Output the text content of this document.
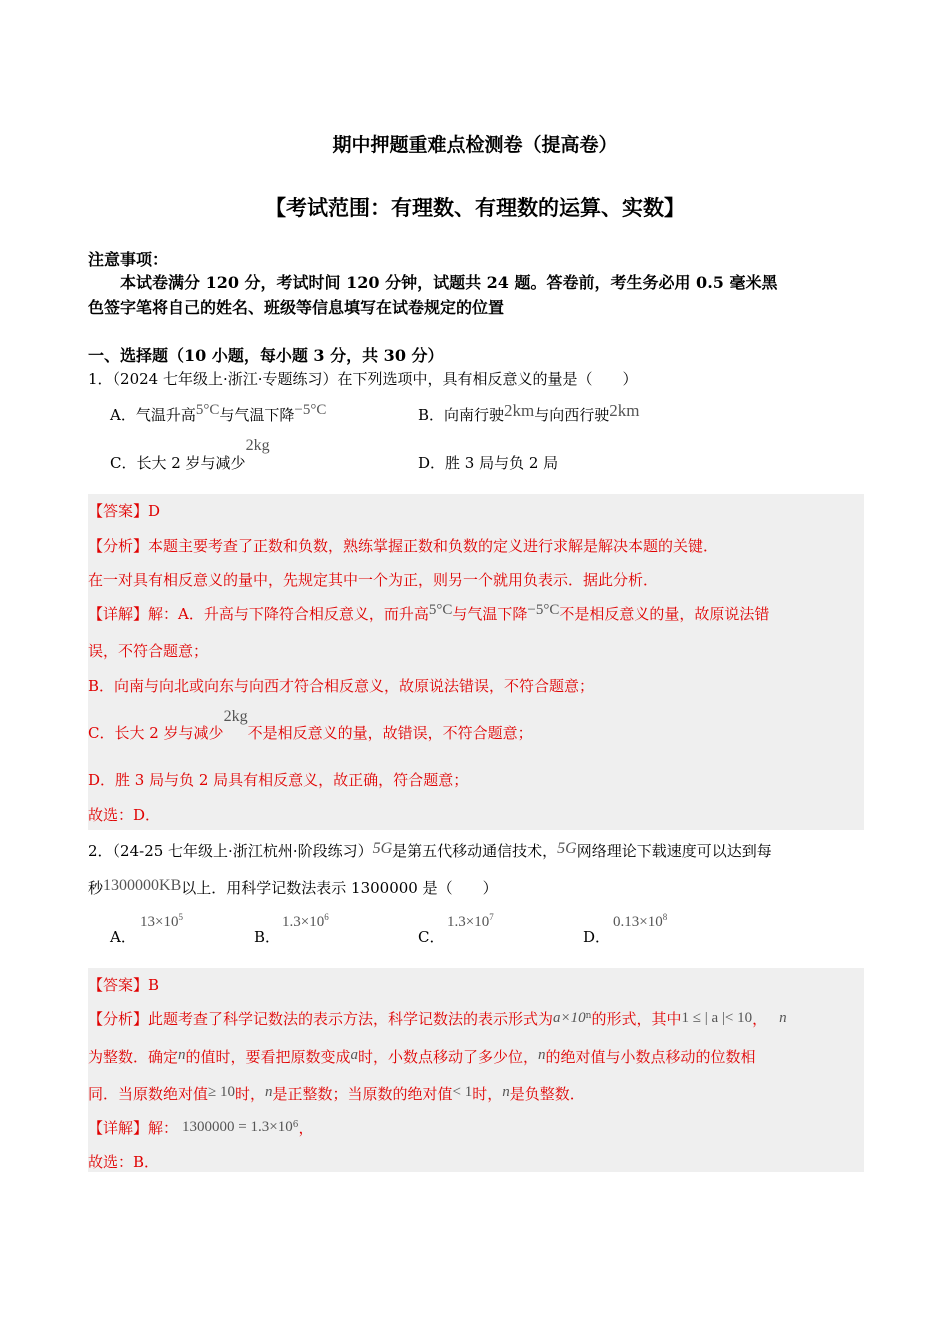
期中押题重难点检测卷（提高卷）
【考试范围：有理数、有理数的运算、实数】
注意事项：
本试卷满分 120 分，考试时间 120 分钟，试题共 24 题。答卷前，考生务必用 0.5 毫米黑
色签字笔将自己的姓名、班级等信息填写在试卷规定的位置
一、选择题（10 小题，每小题 3 分，共 30 分）
1．（2024 七年级上·浙江·专题练习）在下列选项中，具有相反意义的量是（　　）
A．气温升高5°C与气温下降−5°C	B．向南行驶2km与向西行驶2km
C．长大 2 岁与减少2kg
D．胜 3 局与负 2 局
【答案】D
【分析】本题主要考查了正数和负数，熟练掌握正数和负数的定义进行求解是解决本题的关键．
在一对具有相反意义的量中，先规定其中一个为正，则另一个就用负表示．据此分析．
【详解】解：A．升高与下降符合相反意义，而升高5°C与气温下降−5°C不是相反意义的量，故原说法错
误，不符合题意；
B．向南与向北或向东与向西才符合相反意义，故原说法错误，不符合题意；
C．长大 2 岁与减少2kg不是相反意义的量，故错误，不符合题意；
D．胜 3 局与负 2 局具有相反意义，故正确，符合题意；
故选：D．
2．（24-25 七年级上·浙江杭州·阶段练习）5G是第五代移动通信技术，5G网络理论下载速度可以达到每
秒1300000KB以上．用科学记数法表示 1300000 是（　　）
A．
$13\times 10^5$
B．
$1.3\times 10^6$
C．
$1.3\times 10^7$
D．
$0.13\times 10^8$
【答案】B
【分析】此题考查了科学记数法的表示方法，科学记数法的表示形式为$a\times 10^n$的形式，其中1 ≤ | a |< 10， n
为整数．确定n的值时，要看把原数变成a时，小数点移动了多少位，n的绝对值与小数点移动的位数相
同．当原数绝对值≥ 10时，n是正整数；当原数的绝对值< 1时，n是负整数．
【详解】解： $1300000 = 1.3\times 10^6$，
故选：B．
